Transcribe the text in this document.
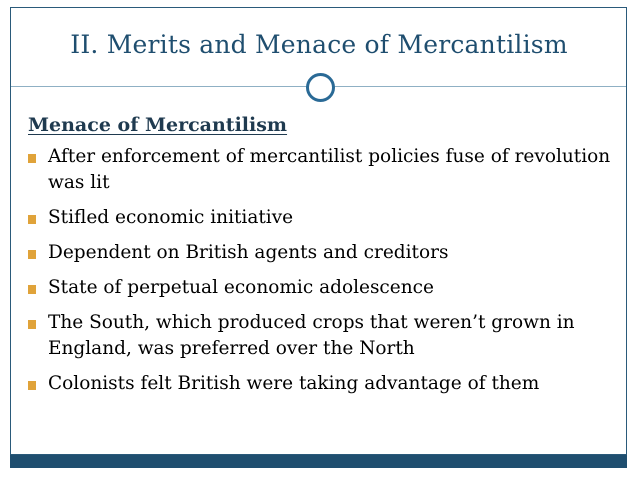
II. Merits and Menace of Mercantilism
Menace of Mercantilism
After enforcement of mercantilist policies fuse of revolution was lit
Stifled economic initiative
Dependent on British agents and creditors
State of perpetual economic adolescence
The South, which produced crops that weren’t grown in England, was preferred over the North
Colonists felt British were taking advantage of them
